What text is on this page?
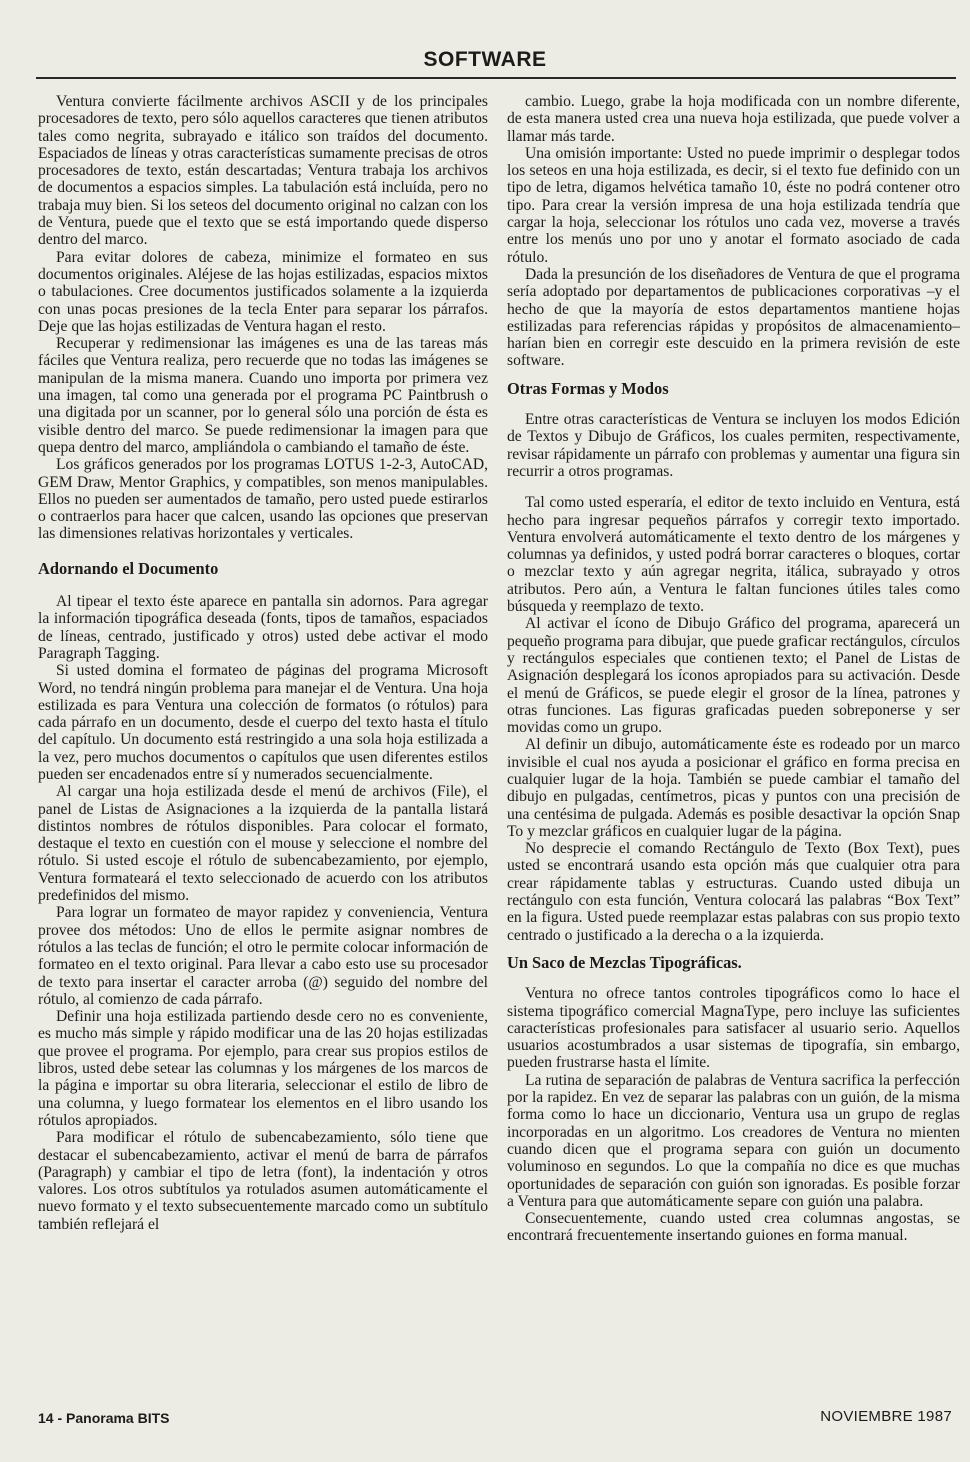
SOFTWARE

Ventura convierte fácilmente archivos ASCII y de los principales procesadores de texto, pero sólo aquellos caracteres que tienen atributos tales como negrita, subrayado e itálico son traídos del documento. Espaciados de líneas y otras características sumamente precisas de otros procesadores de texto, están descartadas; Ventura trabaja los archivos de documentos a espacios simples. La tabulación está incluída, pero no trabaja muy bien. Si los seteos del documento original no calzan con los de Ventura, puede que el texto que se está importando quede disperso dentro del marco.

Para evitar dolores de cabeza, minimize el formateo en sus documentos originales. Aléjese de las hojas estilizadas, espacios mixtos o tabulaciones. Cree documentos justificados solamente a la izquierda con unas pocas presiones de la tecla Enter para separar los párrafos. Deje que las hojas estilizadas de Ventura hagan el resto.

Recuperar y redimensionar las imágenes es una de las tareas más fáciles que Ventura realiza, pero recuerde que no todas las imágenes se manipulan de la misma manera. Cuando uno importa por primera vez una imagen, tal como una generada por el programa PC Paintbrush o una digitada por un scanner, por lo general sólo una porción de ésta es visible dentro del marco. Se puede redimensionar la imagen para que quepa dentro del marco, ampliándola o cambiando el tamaño de éste.

Los gráficos generados por los programas LOTUS 1-2-3, AutoCAD, GEM Draw, Mentor Graphics, y compatibles, son menos manipulables. Ellos no pueden ser aumentados de tamaño, pero usted puede estirarlos o contraerlos para hacer que calcen, usando las opciones que preservan las dimensiones relativas horizontales y verticales.

Adornando el Documento

Al tipear el texto éste aparece en pantalla sin adornos. Para agregar la información tipográfica deseada (fonts, tipos de tamaños, espaciados de líneas, centrado, justificado y otros) usted debe activar el modo Paragraph Tagging.

Si usted domina el formateo de páginas del programa Microsoft Word, no tendrá ningún problema para manejar el de Ventura. Una hoja estilizada es para Ventura una colección de formatos (o rótulos) para cada párrafo en un documento, desde el cuerpo del texto hasta el título del capítulo. Un documento está restringido a una sola hoja estilizada a la vez, pero muchos documentos o capítulos que usen diferentes estilos pueden ser encadenados entre sí y numerados secuencialmente.

Al cargar una hoja estilizada desde el menú de archivos (File), el panel de Listas de Asignaciones a la izquierda de la pantalla listará distintos nombres de rótulos disponibles. Para colocar el formato, destaque el texto en cuestión con el mouse y seleccione el nombre del rótulo. Si usted escoje el rótulo de subencabezamiento, por ejemplo, Ventura formateará el texto seleccionado de acuerdo con los atributos predefinidos del mismo.

Para lograr un formateo de mayor rapidez y conveniencia, Ventura provee dos métodos: Uno de ellos le permite asignar nombres de rótulos a las teclas de función; el otro le permite colocar información de formateo en el texto original. Para llevar a cabo esto use su procesador de texto para insertar el caracter arroba (@) seguido del nombre del rótulo, al comienzo de cada párrafo.

Definir una hoja estilizada partiendo desde cero no es conveniente, es mucho más simple y rápido modificar una de las 20 hojas estilizadas que provee el programa. Por ejemplo, para crear sus propios estilos de libros, usted debe setear las columnas y los márgenes de los marcos de la página e importar su obra literaria, seleccionar el estilo de libro de una columna, y luego formatear los elementos en el libro usando los rótulos apropiados.

Para modificar el rótulo de subencabezamiento, sólo tiene que destacar el subencabezamiento, activar el menú de barra de párrafos (Paragraph) y cambiar el tipo de letra (font), la indentación y otros valores. Los otros subtítulos ya rotulados asumen automáticamente el nuevo formato y el texto subsecuentemente marcado como un subtítulo también reflejará el

cambio. Luego, grabe la hoja modificada con un nombre diferente, de esta manera usted crea una nueva hoja estilizada, que puede volver a llamar más tarde.

Una omisión importante: Usted no puede imprimir o desplegar todos los seteos en una hoja estilizada, es decir, si el texto fue definido con un tipo de letra, digamos helvética tamaño 10, éste no podrá contener otro tipo. Para crear la versión impresa de una hoja estilizada tendría que cargar la hoja, seleccionar los rótulos uno cada vez, moverse a través entre los menús uno por uno y anotar el formato asociado de cada rótulo.

Dada la presunción de los diseñadores de Ventura de que el programa sería adoptado por departamentos de publicaciones corporativas –y el hecho de que la mayoría de estos departamentos mantiene hojas estilizadas para referencias rápidas y propósitos de almacenamiento– harían bien en corregir este descuido en la primera revisión de este software.

Otras Formas y Modos

Entre otras características de Ventura se incluyen los modos Edición de Textos y Dibujo de Gráficos, los cuales permiten, respectivamente, revisar rápidamente un párrafo con problemas y aumentar una figura sin recurrir a otros programas.

Tal como usted esperaría, el editor de texto incluido en Ventura, está hecho para ingresar pequeños párrafos y corregir texto importado. Ventura envolverá automáticamente el texto dentro de los márgenes y columnas ya definidos, y usted podrá borrar caracteres o bloques, cortar o mezclar texto y aún agregar negrita, itálica, subrayado y otros atributos. Pero aún, a Ventura le faltan funciones útiles tales como búsqueda y reemplazo de texto.

Al activar el ícono de Dibujo Gráfico del programa, aparecerá un pequeño programa para dibujar, que puede graficar rectángulos, círculos y rectángulos especiales que contienen texto; el Panel de Listas de Asignación desplegará los íconos apropiados para su activación. Desde el menú de Gráficos, se puede elegir el grosor de la línea, patrones y otras funciones. Las figuras graficadas pueden sobreponerse y ser movidas como un grupo.

Al definir un dibujo, automáticamente éste es rodeado por un marco invisible el cual nos ayuda a posicionar el gráfico en forma precisa en cualquier lugar de la hoja. También se puede cambiar el tamaño del dibujo en pulgadas, centímetros, picas y puntos con una precisión de una centésima de pulgada. Además es posible desactivar la opción Snap To y mezclar gráficos en cualquier lugar de la página.

No desprecie el comando Rectángulo de Texto (Box Text), pues usted se encontrará usando esta opción más que cualquier otra para crear rápidamente tablas y estructuras. Cuando usted dibuja un rectángulo con esta función, Ventura colocará las palabras “Box Text” en la figura. Usted puede reemplazar estas palabras con sus propio texto centrado o justificado a la derecha o a la izquierda.

Un Saco de Mezclas Tipográficas.

Ventura no ofrece tantos controles tipográficos como lo hace el sistema tipográfico comercial MagnaType, pero incluye las suficientes características profesionales para satisfacer al usuario serio. Aquellos usuarios acostumbrados a usar sistemas de tipografía, sin embargo, pueden frustrarse hasta el límite.

La rutina de separación de palabras de Ventura sacrifica la perfección por la rapidez. En vez de separar las palabras con un guión, de la misma forma como lo hace un diccionario, Ventura usa un grupo de reglas incorporadas en un algoritmo. Los creadores de Ventura no mienten cuando dicen que el programa separa con guión un documento voluminoso en segundos. Lo que la compañía no dice es que muchas oportunidades de separación con guión son ignoradas. Es posible forzar a Ventura para que automáticamente separe con guión una palabra.

Consecuentemente, cuando usted crea columnas angostas, se encontrará frecuentemente insertando guiones en forma manual.

14 - Panorama BITS	NOVIEMBRE 1987
